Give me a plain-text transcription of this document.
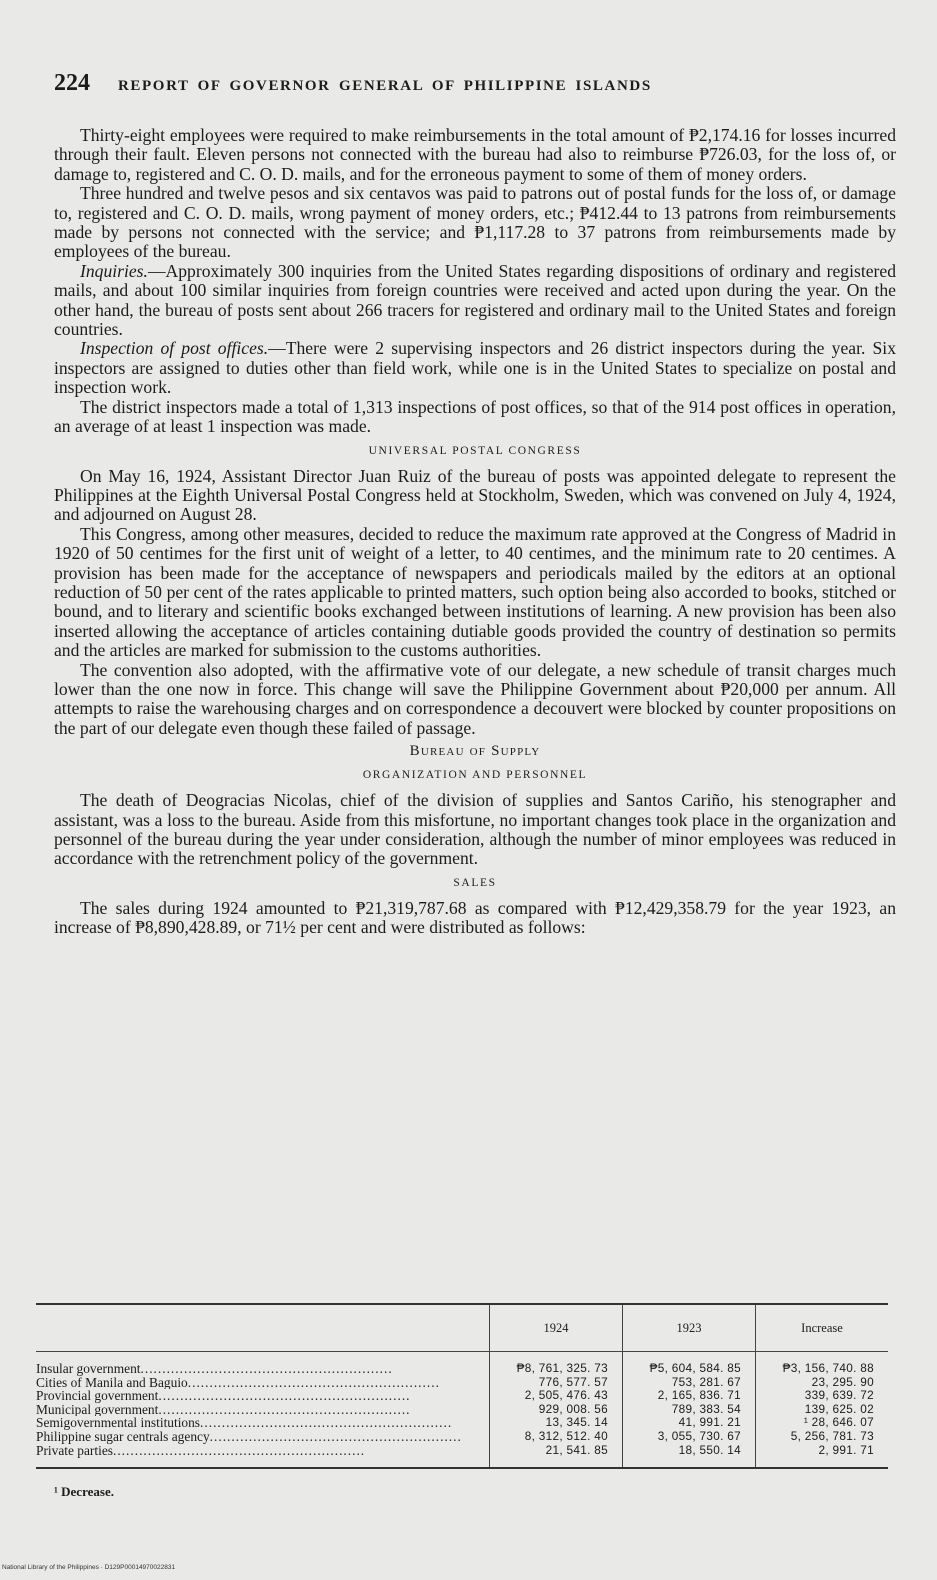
224 REPORT OF GOVERNOR GENERAL OF PHILIPPINE ISLANDS

Thirty-eight employees were required to make reimbursements in the total amount of ₱2,174.16 for losses incurred through their fault. Eleven persons not connected with the bureau had also to reimburse ₱726.03, for the loss of, or damage to, registered and C. O. D. mails, and for the erroneous payment to some of them of money orders.

Three hundred and twelve pesos and six centavos was paid to patrons out of postal funds for the loss of, or damage to, registered and C. O. D. mails, wrong payment of money orders, etc.; ₱412.44 to 13 patrons from reimbursements made by persons not connected with the service; and ₱1,117.28 to 37 patrons from reimbursements made by employees of the bureau.

Inquiries.—Approximately 300 inquiries from the United States regarding dispositions of ordinary and registered mails, and about 100 similar inquiries from foreign countries were received and acted upon during the year. On the other hand, the bureau of posts sent about 266 tracers for registered and ordinary mail to the United States and foreign countries.

Inspection of post offices.—There were 2 supervising inspectors and 26 district inspectors during the year. Six inspectors are assigned to duties other than field work, while one is in the United States to specialize on postal and inspection work.

The district inspectors made a total of 1,313 inspections of post offices, so that of the 914 post offices in operation, an average of at least 1 inspection was made.

UNIVERSAL POSTAL CONGRESS

On May 16, 1924, Assistant Director Juan Ruiz of the bureau of posts was appointed delegate to represent the Philippines at the Eighth Universal Postal Congress held at Stockholm, Sweden, which was convened on July 4, 1924, and adjourned on August 28.

This Congress, among other measures, decided to reduce the maximum rate approved at the Congress of Madrid in 1920 of 50 centimes for the first unit of weight of a letter, to 40 centimes, and the minimum rate to 20 centimes. A provision has been made for the acceptance of newspapers and periodicals mailed by the editors at an optional reduction of 50 per cent of the rates applicable to printed matters, such option being also accorded to books, stitched or bound, and to literary and scientific books exchanged between institutions of learning. A new provision has been also inserted allowing the acceptance of articles containing dutiable goods provided the country of destination so permits and the articles are marked for submission to the customs authorities.

The convention also adopted, with the affirmative vote of our delegate, a new schedule of transit charges much lower than the one now in force. This change will save the Philippine Government about ₱20,000 per annum. All attempts to raise the warehousing charges and on correspondence a decouvert were blocked by counter propositions on the part of our delegate even though these failed of passage.

Bureau of Supply
ORGANIZATION AND PERSONNEL

The death of Deogracias Nicolas, chief of the division of supplies and Santos Cariño, his stenographer and assistant, was a loss to the bureau. Aside from this misfortune, no important changes took place in the organization and personnel of the bureau during the year under consideration, although the number of minor employees was reduced in accordance with the retrenchment policy of the government.

SALES

The sales during 1924 amounted to ₱21,319,787.68 as compared with ₱12,429,358.79 for the year 1923, an increase of ₱8,890,428.89, or 71½ per cent and were distributed as follows:

	1924	1923	Increase
Insular government..........................................................	₱8, 761, 325. 73	₱5, 604, 584. 85	₱3, 156, 740. 88
Cities of Manila and Baguio..........................................................	776, 577. 57	753, 281. 67	23, 295. 90
Provincial government..........................................................	2, 505, 476. 43	2, 165, 836. 71	339, 639. 72
Municipal government..........................................................	929, 008. 56	789, 383. 54	139, 625. 02
Semigovernmental institutions..........................................................	13, 345. 14	41, 991. 21	¹ 28, 646. 07
Philippine sugar centrals agency..........................................................	8, 312, 512. 40	3, 055, 730. 67	5, 256, 781. 73
Private parties..........................................................	21, 541. 85	18, 550. 14	2, 991. 71
¹ Decrease.
National Library of the Philippines · D129P00014970022831
